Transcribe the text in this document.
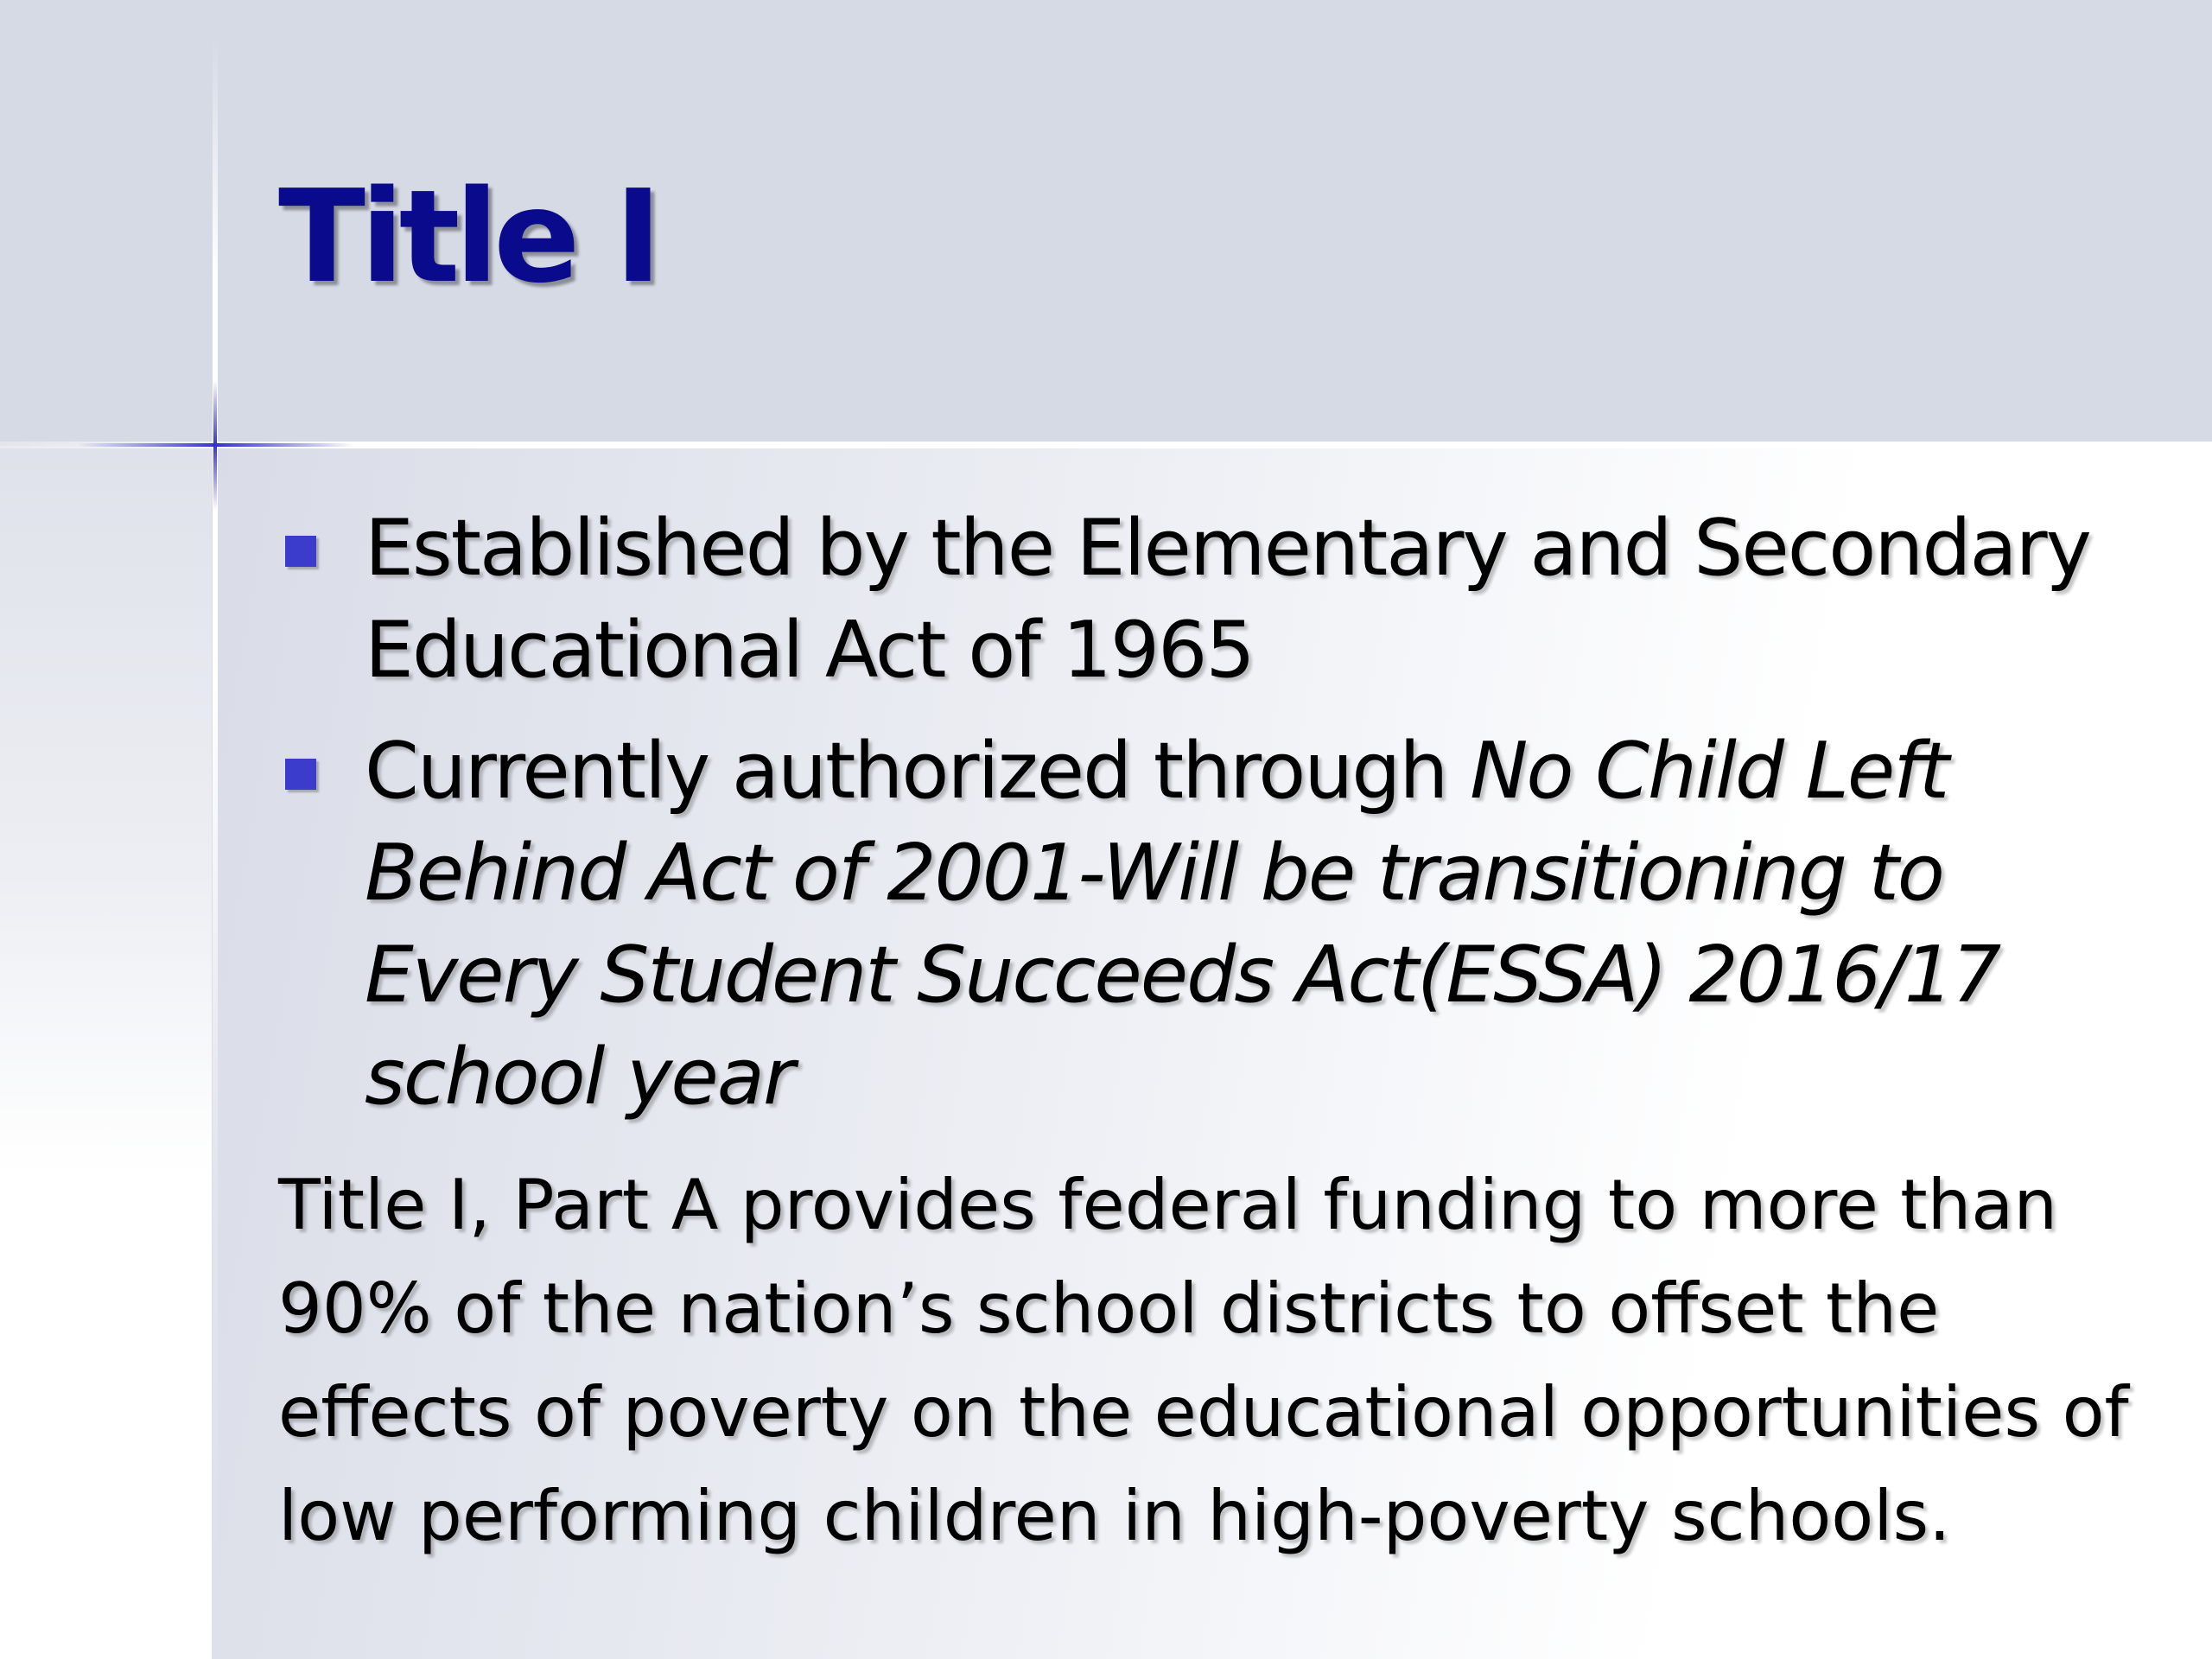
Title I
Established by the Elementary and Secondary Educational Act of 1965
Currently authorized through No Child Left Behind Act of 2001-Will be transitioning to Every Student Succeeds Act(ESSA) 2016/17 school year

Title I, Part A provides federal funding to more than 90% of the nation’s school districts to offset the effects of poverty on the educational opportunities of low performing children in high-poverty schools.
